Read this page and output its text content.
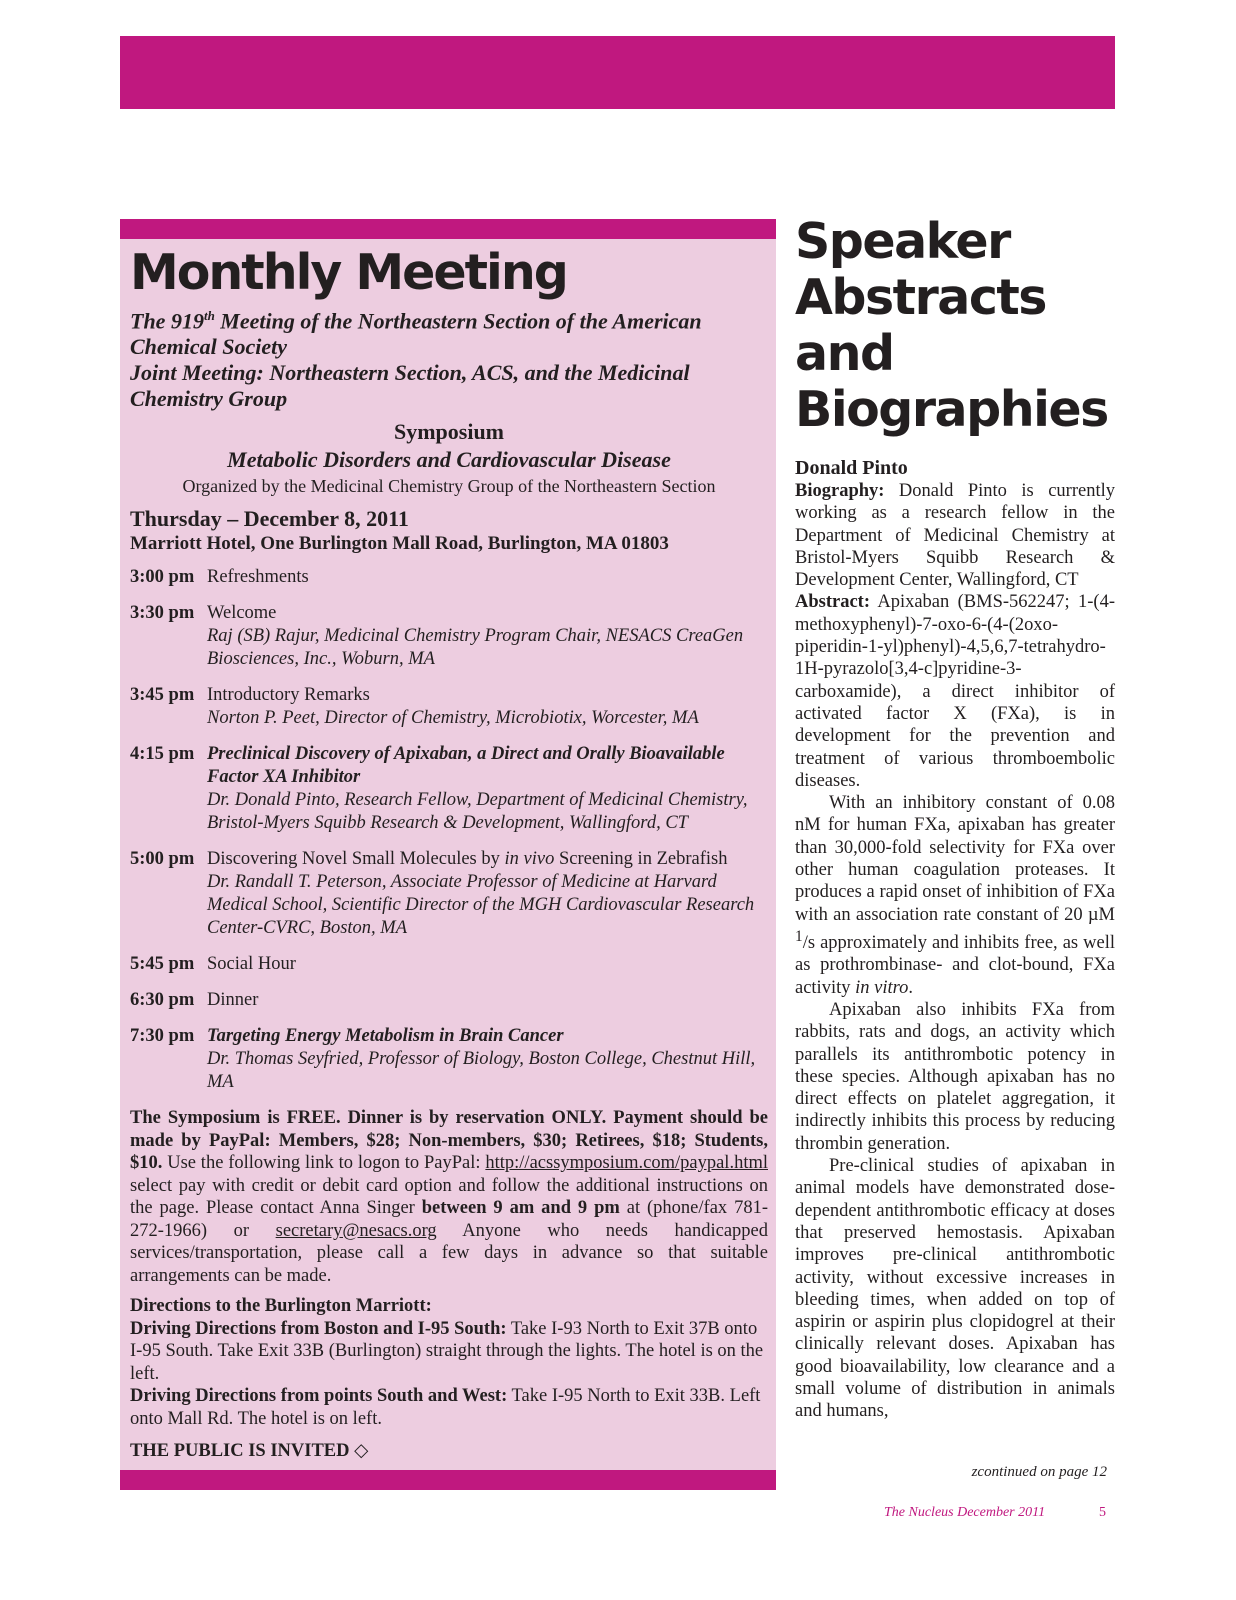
Monthly Meeting

The 919th Meeting of the Northeastern Section of the American Chemical Society

Joint Meeting: Northeastern Section, ACS, and the Medicinal Chemistry Group

Symposium
Metabolic Disorders and Cardiovascular Disease
Organized by the Medicinal Chemistry Group of the Northeastern Section
Thursday – December 8, 2011
Marriott Hotel, One Burlington Mall Road, Burlington, MA 01803
3:00 pm Refreshments
3:30 pm Welcome
Raj (SB) Rajur, Medicinal Chemistry Program Chair, NESACS CreaGen Biosciences, Inc., Woburn, MA
3:45 pm Introductory Remarks
Norton P. Peet, Director of Chemistry, Microbiotix, Worcester, MA
4:15 pm Preclinical Discovery of Apixaban, a Direct and Orally Bioavailable Factor XA Inhibitor
Dr. Donald Pinto, Research Fellow, Department of Medicinal Chemistry, Bristol-Myers Squibb Research & Development, Wallingford, CT
5:00 pm Discovering Novel Small Molecules by in vivo Screening in Zebrafish
Dr. Randall T. Peterson, Associate Professor of Medicine at Harvard Medical School, Scientific Director of the MGH Cardiovascular Research Center-CVRC, Boston, MA
5:45 pm Social Hour
6:30 pm Dinner
7:30 pm Targeting Energy Metabolism in Brain Cancer
Dr. Thomas Seyfried, Professor of Biology, Boston College, Chestnut Hill, MA
The Symposium is FREE. Dinner is by reservation ONLY. Payment should be made by PayPal: Members, $28; Non-members, $30; Retirees, $18; Students, $10. Use the following link to logon to PayPal: http://acssymposium.com/paypal.html select pay with credit or debit card option and follow the additional instructions on the page. Please contact Anna Singer between 9 am and 9 pm at (phone/fax 781-272-1966) or secretary@nesacs.org Anyone who needs handicapped services/transportation, please call a few days in advance so that suitable arrangements can be made.
Directions to the Burlington Marriott:
Driving Directions from Boston and I-95 South: Take I-93 North to Exit 37B onto I-95 South. Take Exit 33B (Burlington) straight through the lights. The hotel is on the left.
Driving Directions from points South and West: Take I-95 North to Exit 33B. Left onto Mall Rd. The hotel is on left.
THE PUBLIC IS INVITED ◇
Speaker
Abstracts
and
Biographies
Donald Pinto

Biography: Donald Pinto is currently working as a research fellow in the Department of Medicinal Chemistry at Bristol-Myers Squibb Research & Development Center, Wallingford, CT

Abstract: Apixaban (BMS-562247; 1-(4-methoxyphenyl)-7-oxo-6-(4-(2oxo-piperidin-1-yl)phenyl)-4,5,6,7-tetrahydro-1H-pyrazolo[3,4-c]pyridine-3-carboxamide), a direct inhibitor of activated factor X (FXa), is in development for the prevention and treatment of various thromboembolic diseases.

With an inhibitory constant of 0.08 nM for human FXa, apixaban has greater than 30,000-fold selectivity for FXa over other human coagulation proteases. It produces a rapid onset of inhibition of FXa with an association rate constant of 20 µM $^1$/s approximately and inhibits free, as well as prothrombinase- and clot-bound, FXa activity in vitro.

Apixaban also inhibits FXa from rabbits, rats and dogs, an activity which parallels its antithrombotic potency in these species. Although apixaban has no direct effects on platelet aggregation, it indirectly inhibits this process by reducing thrombin generation.

Pre-clinical studies of apixaban in animal models have demonstrated dose-dependent antithrombotic efficacy at doses that preserved hemostasis. Apixaban improves pre-clinical antithrombotic activity, without excessive increases in bleeding times, when added on top of aspirin or aspirin plus clopidogrel at their clinically relevant doses. Apixaban has good bioavailability, low clearance and a small volume of distribution in animals and humans,

zcontinued on page 12
The Nucleus December 2011	5
